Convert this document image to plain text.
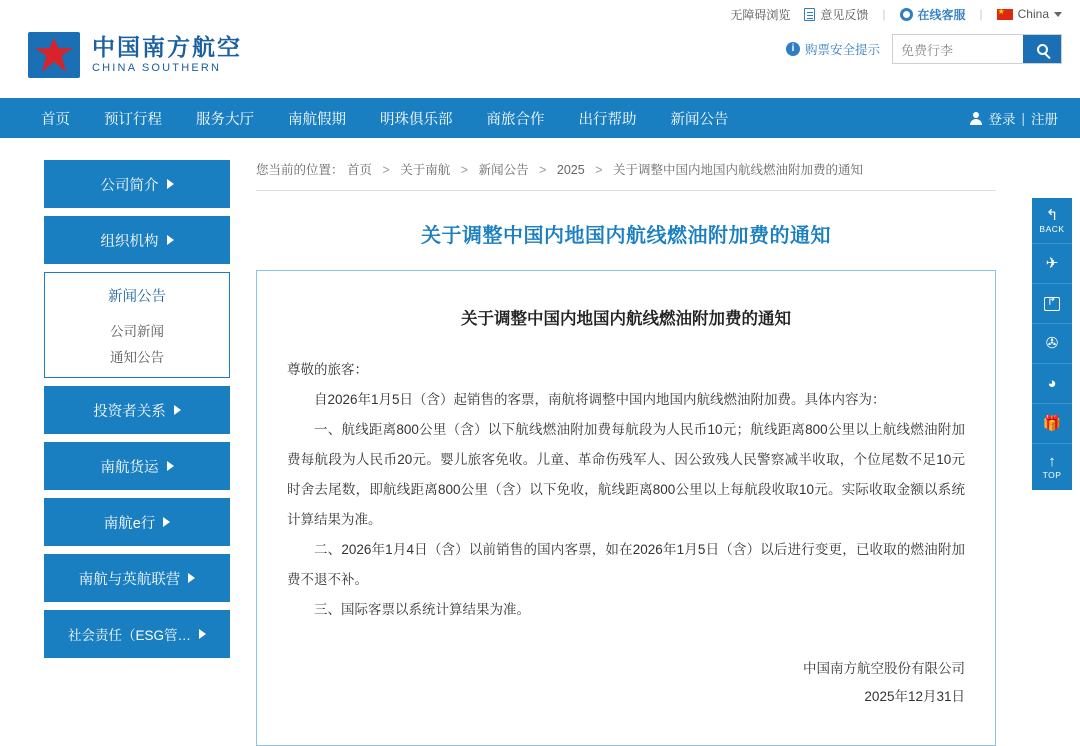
无障碍浏览	意见反馈 |	在线客服 | ★	China
中国南方航空
CHINA SOUTHERN
i 购票安全提示
免费行李
首页	预订行程	服务大厅	南航假期	明珠俱乐部	商旅合作	出行帮助	新闻公告	登录 | 注册
公司简介
组织机构
新闻公告
公司新闻
通知公告
投资者关系
南航货运
南航e行
南航与英航联营
社会责任（ESG管…
您当前的位置： 首页 > 关于南航 > 新闻公告 > 2025 > 关于调整中国内地国内航线燃油附加费的通知
关于调整中国内地国内航线燃油附加费的通知
关于调整中国内地国内航线燃油附加费的通知
尊敬的旅客：
自2026年1月5日（含）起销售的客票，南航将调整中国内地国内航线燃油附加费。具体内容为：
一、航线距离800公里（含）以下航线燃油附加费每航段为人民币10元；航线距离800公里以上航线燃油附加费每航段为人民币20元。婴儿旅客免收。儿童、革命伤残军人、因公致残人民警察减半收取，个位尾数不足10元时舍去尾数，即航线距离800公里（含）以下免收，航线距离800公里以上每航段收取10元。实际收取金额以系统计算结果为准。
二、2026年1月4日（含）以前销售的国内客票，如在2026年1月5日（含）以后进行变更，已收取的燃油附加费不退不补。
三、国际客票以系统计算结果为准。
中国南方航空股份有限公司
2025年12月31日
↰
BACK
✈
↱
✇
◕
🎁
↑
TOP
